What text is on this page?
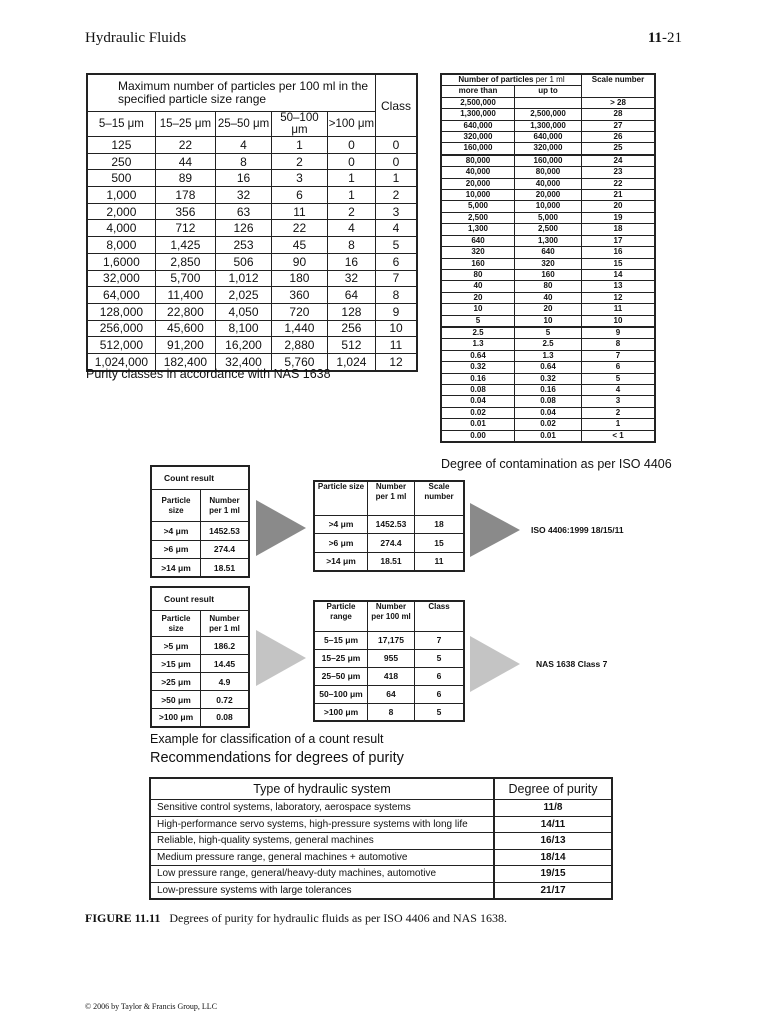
Hydraulic Fluids	11-21
Maximum number of particles per 100 ml in the specified particle size range					Class
5–15 μm	15–25 μm	25–50 μm	50–100 μm	>100 μm	
125	22	4	1	0	0
250	44	8	2	0	0
500	89	16	3	1	1
1,000	178	32	6	1	2
2,000	356	63	11	2	3
4,000	712	126	22	4	4
8,000	1,425	253	45	8	5
1,6000	2,850	506	90	16	6
32,000	5,700	1,012	180	32	7
64,000	11,400	2,025	360	64	8
128,000	22,800	4,050	720	128	9
256,000	45,600	8,100	1,440	256	10
512,000	91,200	16,200	2,880	512	11
1,024,000	182,400	32,400	5,760	1,024	12
Purity classes in accordance with NAS 1638
Number of particles per 1 ml		Scale number
more than	up to	
2,500,000		> 28
1,300,000	2,500,000	28
640,000	1,300,000	27
320,000	640,000	26
160,000	320,000	25
80,000	160,000	24
40,000	80,000	23
20,000	40,000	22
10,000	20,000	21
5,000	10,000	20
2,500	5,000	19
1,300	2,500	18
640	1,300	17
320	640	16
160	320	15
80	160	14
40	80	13
20	40	12
10	20	11
5	10	10
2.5	5	9
1.3	2.5	8
0.64	1.3	7
0.32	0.64	6
0.16	0.32	5
0.08	0.16	4
0.04	0.08	3
0.02	0.04	2
0.01	0.02	1
0.00	0.01	< 1
Degree of contamination as per ISO 4406
Count result	
Particle size	Number per 1 ml
>4 μm	1452.53
>6 μm	274.4
>14 μm	18.51
Particle size	Number per 1 ml	Scale number
>4 μm	1452.53	18
>6 μm	274.4	15
>14 μm	18.51	11
ISO 4406:1999 18/15/11
Count result	
Particle size	Number per 1 ml
>5 μm	186.2
>15 μm	14.45
>25 μm	4.9
>50 μm	0.72
>100 μm	0.08
Particle range	Number per 100 ml	Class
5–15 μm	17,175	7
15–25 μm	955	5
25–50 μm	418	6
50–100 μm	64	6
>100 μm	8	5
NAS 1638 Class 7
Example for classification of a count result
Recommendations for degrees of purity
Type of hydraulic system	Degree of purity
Sensitive control systems, laboratory, aerospace systems	11/8
High-performance servo systems, high-pressure systems with long life	14/11
Reliable, high-quality systems, general machines	16/13
Medium pressure range, general machines + automotive	18/14
Low pressure range, general/heavy-duty machines, automotive	19/15
Low-pressure systems with large tolerances	21/17
FIGURE 11.11 Degrees of purity for hydraulic fluids as per ISO 4406 and NAS 1638.
© 2006 by Taylor & Francis Group, LLC
